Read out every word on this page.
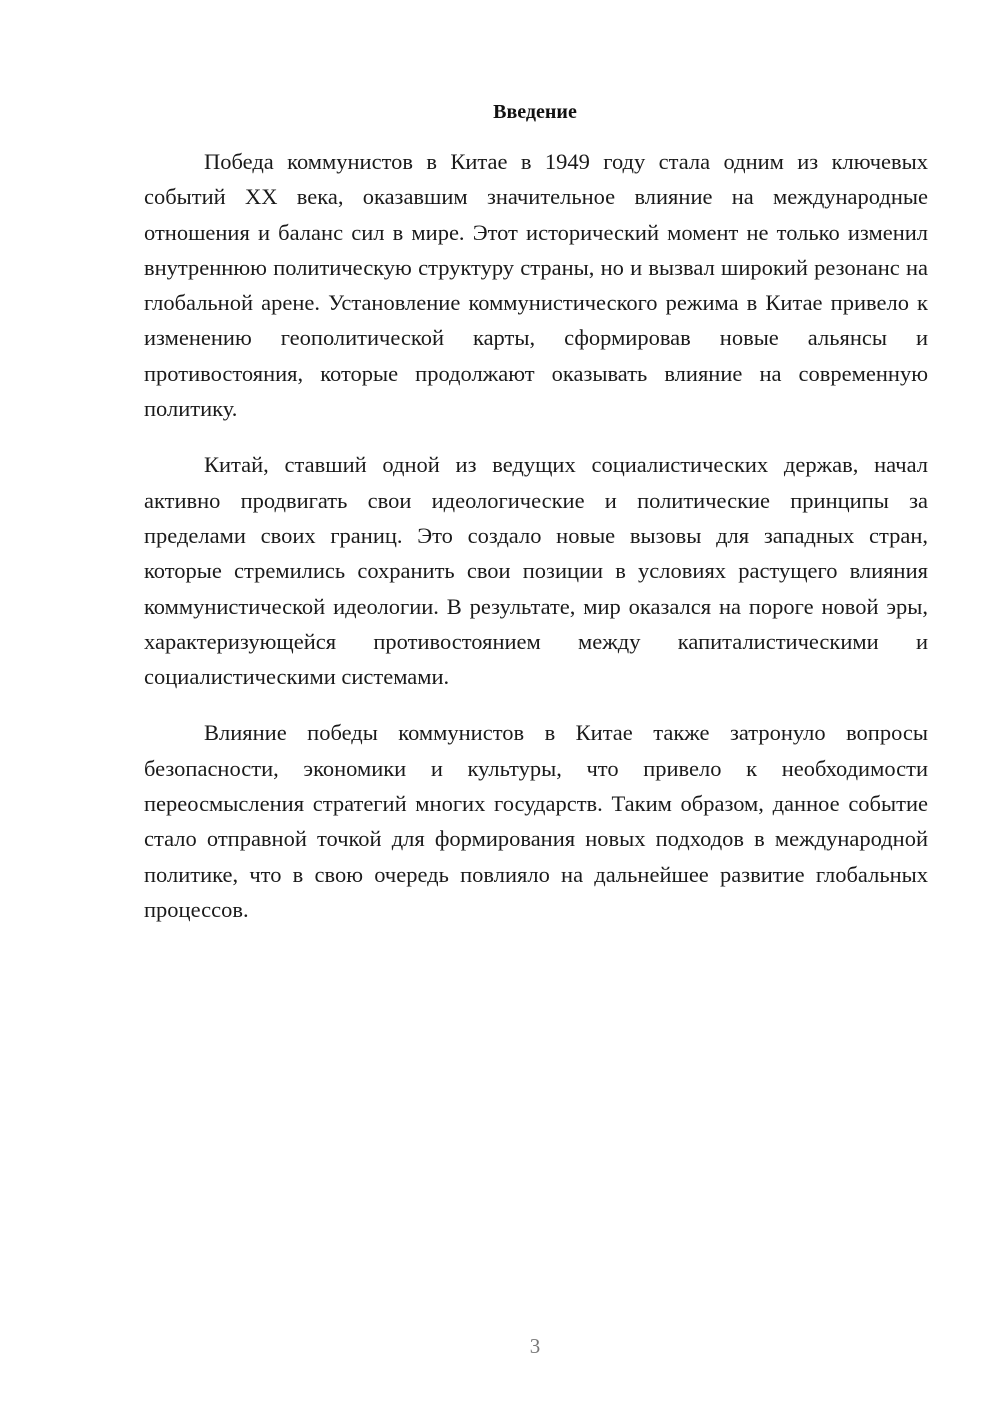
Введение

Победа коммунистов в Китае в 1949 году стала одним из ключевых событий XX века, оказавшим значительное влияние на международные отношения и баланс сил в мире. Этот исторический момент не только изменил внутреннюю политическую структуру страны, но и вызвал широкий резонанс на глобальной арене. Установление коммунистического режима в Китае привело к изменению геополитической карты, сформировав новые альянсы и противостояния, которые продолжают оказывать влияние на современную политику.

Китай, ставший одной из ведущих социалистических держав, начал активно продвигать свои идеологические и политические принципы за пределами своих границ. Это создало новые вызовы для западных стран, которые стремились сохранить свои позиции в условиях растущего влияния коммунистической идеологии. В результате, мир оказался на пороге новой эры, характеризующейся противостоянием между капиталистическими и социалистическими системами.

Влияние победы коммунистов в Китае также затронуло вопросы безопасности, экономики и культуры, что привело к необходимости переосмысления стратегий многих государств. Таким образом, данное событие стало отправной точкой для формирования новых подходов в международной политике, что в свою очередь повлияло на дальнейшее развитие глобальных процессов.

3
